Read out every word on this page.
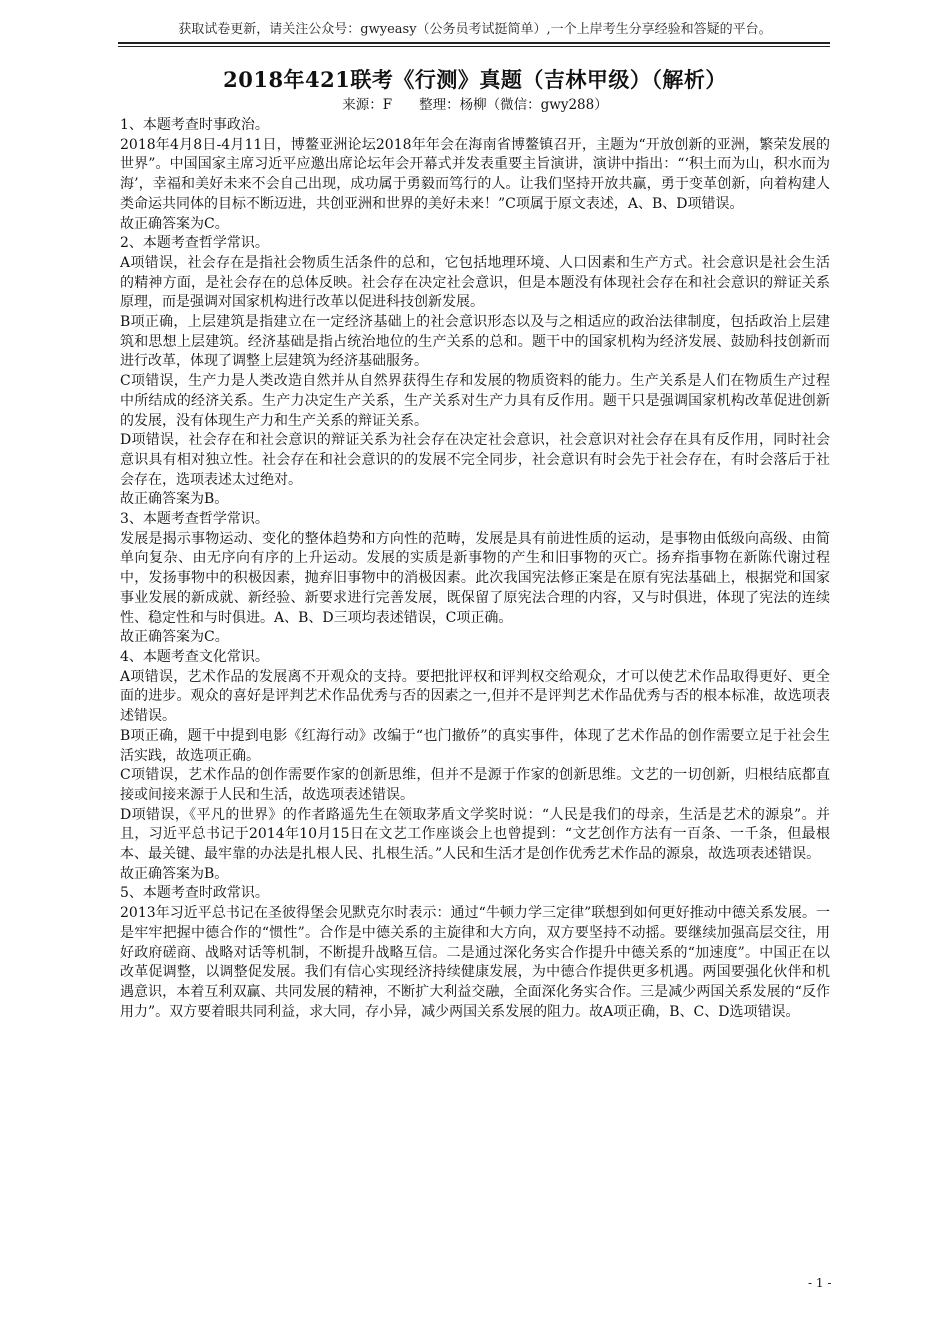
获取试卷更新，请关注公众号：gwyeasy（公务员考试挺简单）,一个上岸考生分享经验和答疑的平台。
2018年421联考《行测》真题（吉林甲级）（解析）
来源：F　　整理：杨柳（微信：gwy288）

1、本题考查时事政治。

2018年4月8日-4月11日，博鳌亚洲论坛2018年年会在海南省博鳌镇召开，主题为“开放创新的亚洲，繁荣发展的世界”。中国国家主席习近平应邀出席论坛年会开幕式并发表重要主旨演讲，演讲中指出：“‘积土而为山，积水而为海’，幸福和美好未来不会自己出现，成功属于勇毅而笃行的人。让我们坚持开放共赢，勇于变革创新，向着构建人类命运共同体的目标不断迈进，共创亚洲和世界的美好未来！”C项属于原文表述，A、B、D项错误。

故正确答案为C。

2、本题考查哲学常识。

A项错误，社会存在是指社会物质生活条件的总和，它包括地理环境、人口因素和生产方式。社会意识是社会生活的精神方面，是社会存在的总体反映。社会存在决定社会意识，但是本题没有体现社会存在和社会意识的辩证关系原理，而是强调对国家机构进行改革以促进科技创新发展。

B项正确，上层建筑是指建立在一定经济基础上的社会意识形态以及与之相适应的政治法律制度，包括政治上层建筑和思想上层建筑。经济基础是指占统治地位的生产关系的总和。题干中的国家机构为经济发展、鼓励科技创新而进行改革，体现了调整上层建筑为经济基础服务。

C项错误，生产力是人类改造自然并从自然界获得生存和发展的物质资料的能力。生产关系是人们在物质生产过程中所结成的经济关系。生产力决定生产关系，生产关系对生产力具有反作用。题干只是强调国家机构改革促进创新的发展，没有体现生产力和生产关系的辩证关系。

D项错误，社会存在和社会意识的辩证关系为社会存在决定社会意识，社会意识对社会存在具有反作用，同时社会意识具有相对独立性。社会存在和社会意识的的发展不完全同步，社会意识有时会先于社会存在，有时会落后于社会存在，选项表述太过绝对。

故正确答案为B。

3、本题考查哲学常识。

发展是揭示事物运动、变化的整体趋势和方向性的范畴，发展是具有前进性质的运动，是事物由低级向高级、由简单向复杂、由无序向有序的上升运动。发展的实质是新事物的产生和旧事物的灭亡。扬弃指事物在新陈代谢过程中，发扬事物中的积极因素，抛弃旧事物中的消极因素。此次我国宪法修正案是在原有宪法基础上，根据党和国家事业发展的新成就、新经验、新要求进行完善发展，既保留了原宪法合理的内容，又与时俱进，体现了宪法的连续性、稳定性和与时俱进。A、B、D三项均表述错误，C项正确。

故正确答案为C。

4、本题考查文化常识。

A项错误，艺术作品的发展离不开观众的支持。要把批评权和评判权交给观众，才可以使艺术作品取得更好、更全面的进步。观众的喜好是评判艺术作品优秀与否的因素之一,但并不是评判艺术作品优秀与否的根本标准，故选项表述错误。

B项正确，题干中提到电影《红海行动》改编于“也门撤侨”的真实事件，体现了艺术作品的创作需要立足于社会生活实践，故选项正确。

C项错误，艺术作品的创作需要作家的创新思维，但并不是源于作家的创新思维。文艺的一切创新，归根结底都直接或间接来源于人民和生活，故选项表述错误。

D项错误，《平凡的世界》的作者路遥先生在领取茅盾文学奖时说：“人民是我们的母亲，生活是艺术的源泉”。并且，习近平总书记于2014年10月15日在文艺工作座谈会上也曾提到：“文艺创作方法有一百条、一千条，但最根本、最关键、最牢靠的办法是扎根人民、扎根生活。”人民和生活才是创作优秀艺术作品的源泉，故选项表述错误。

故正确答案为B。

5、本题考查时政常识。

2013年习近平总书记在圣彼得堡会见默克尔时表示：通过“牛顿力学三定律”联想到如何更好推动中德关系发展。一是牢牢把握中德合作的“惯性”。合作是中德关系的主旋律和大方向，双方要坚持不动摇。要继续加强高层交往，用好政府磋商、战略对话等机制，不断提升战略互信。二是通过深化务实合作提升中德关系的“加速度”。中国正在以改革促调整，以调整促发展。我们有信心实现经济持续健康发展，为中德合作提供更多机遇。两国要强化伙伴和机遇意识，本着互利双赢、共同发展的精神，不断扩大利益交融，全面深化务实合作。三是减少两国关系发展的“反作用力”。双方要着眼共同利益，求大同，存小异，减少两国关系发展的阻力。故A项正确，B、C、D选项错误。

- 1 -
